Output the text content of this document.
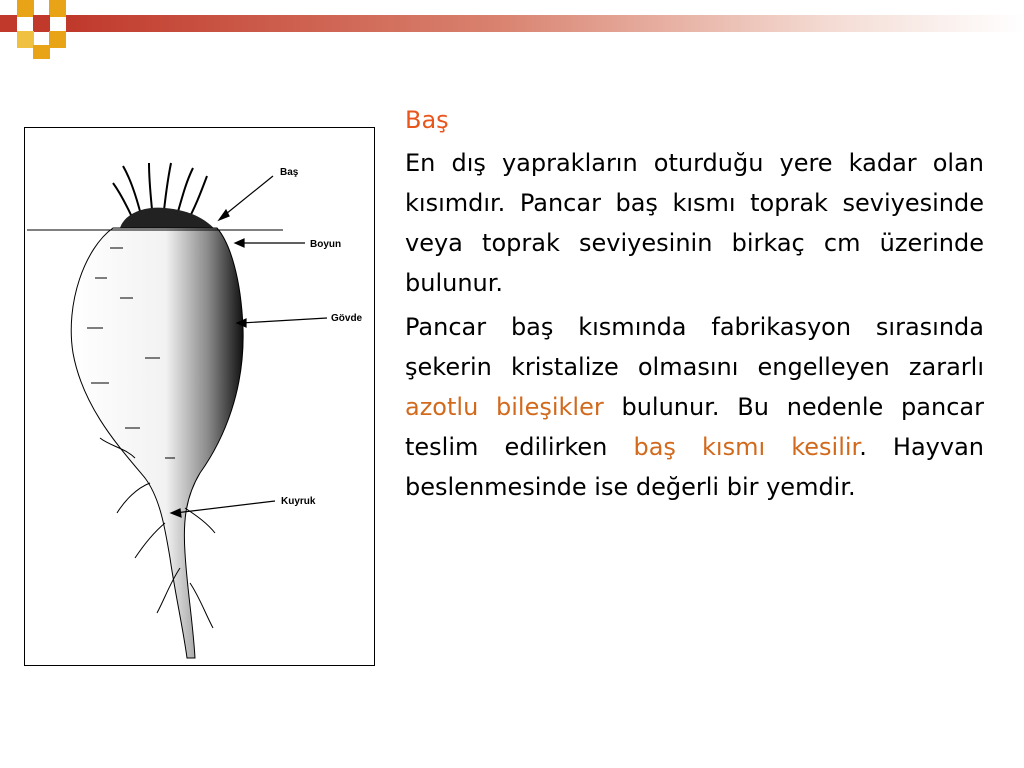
Baş
Boyun
Gövde
Kuyruk
Baş

En dış yaprakların oturduğu yere kadar olan kısımdır. Pancar baş kısmı toprak seviyesinde veya toprak seviyesinin birkaç cm üzerinde bulunur.

Pancar baş kısmında fabrikasyon sırasında şekerin kristalize olmasını engelleyen zararlı azotlu bileşikler bulunur. Bu nedenle pancar teslim edilirken baş kısmı kesilir. Hayvan beslenmesinde ise değerli bir yemdir.
